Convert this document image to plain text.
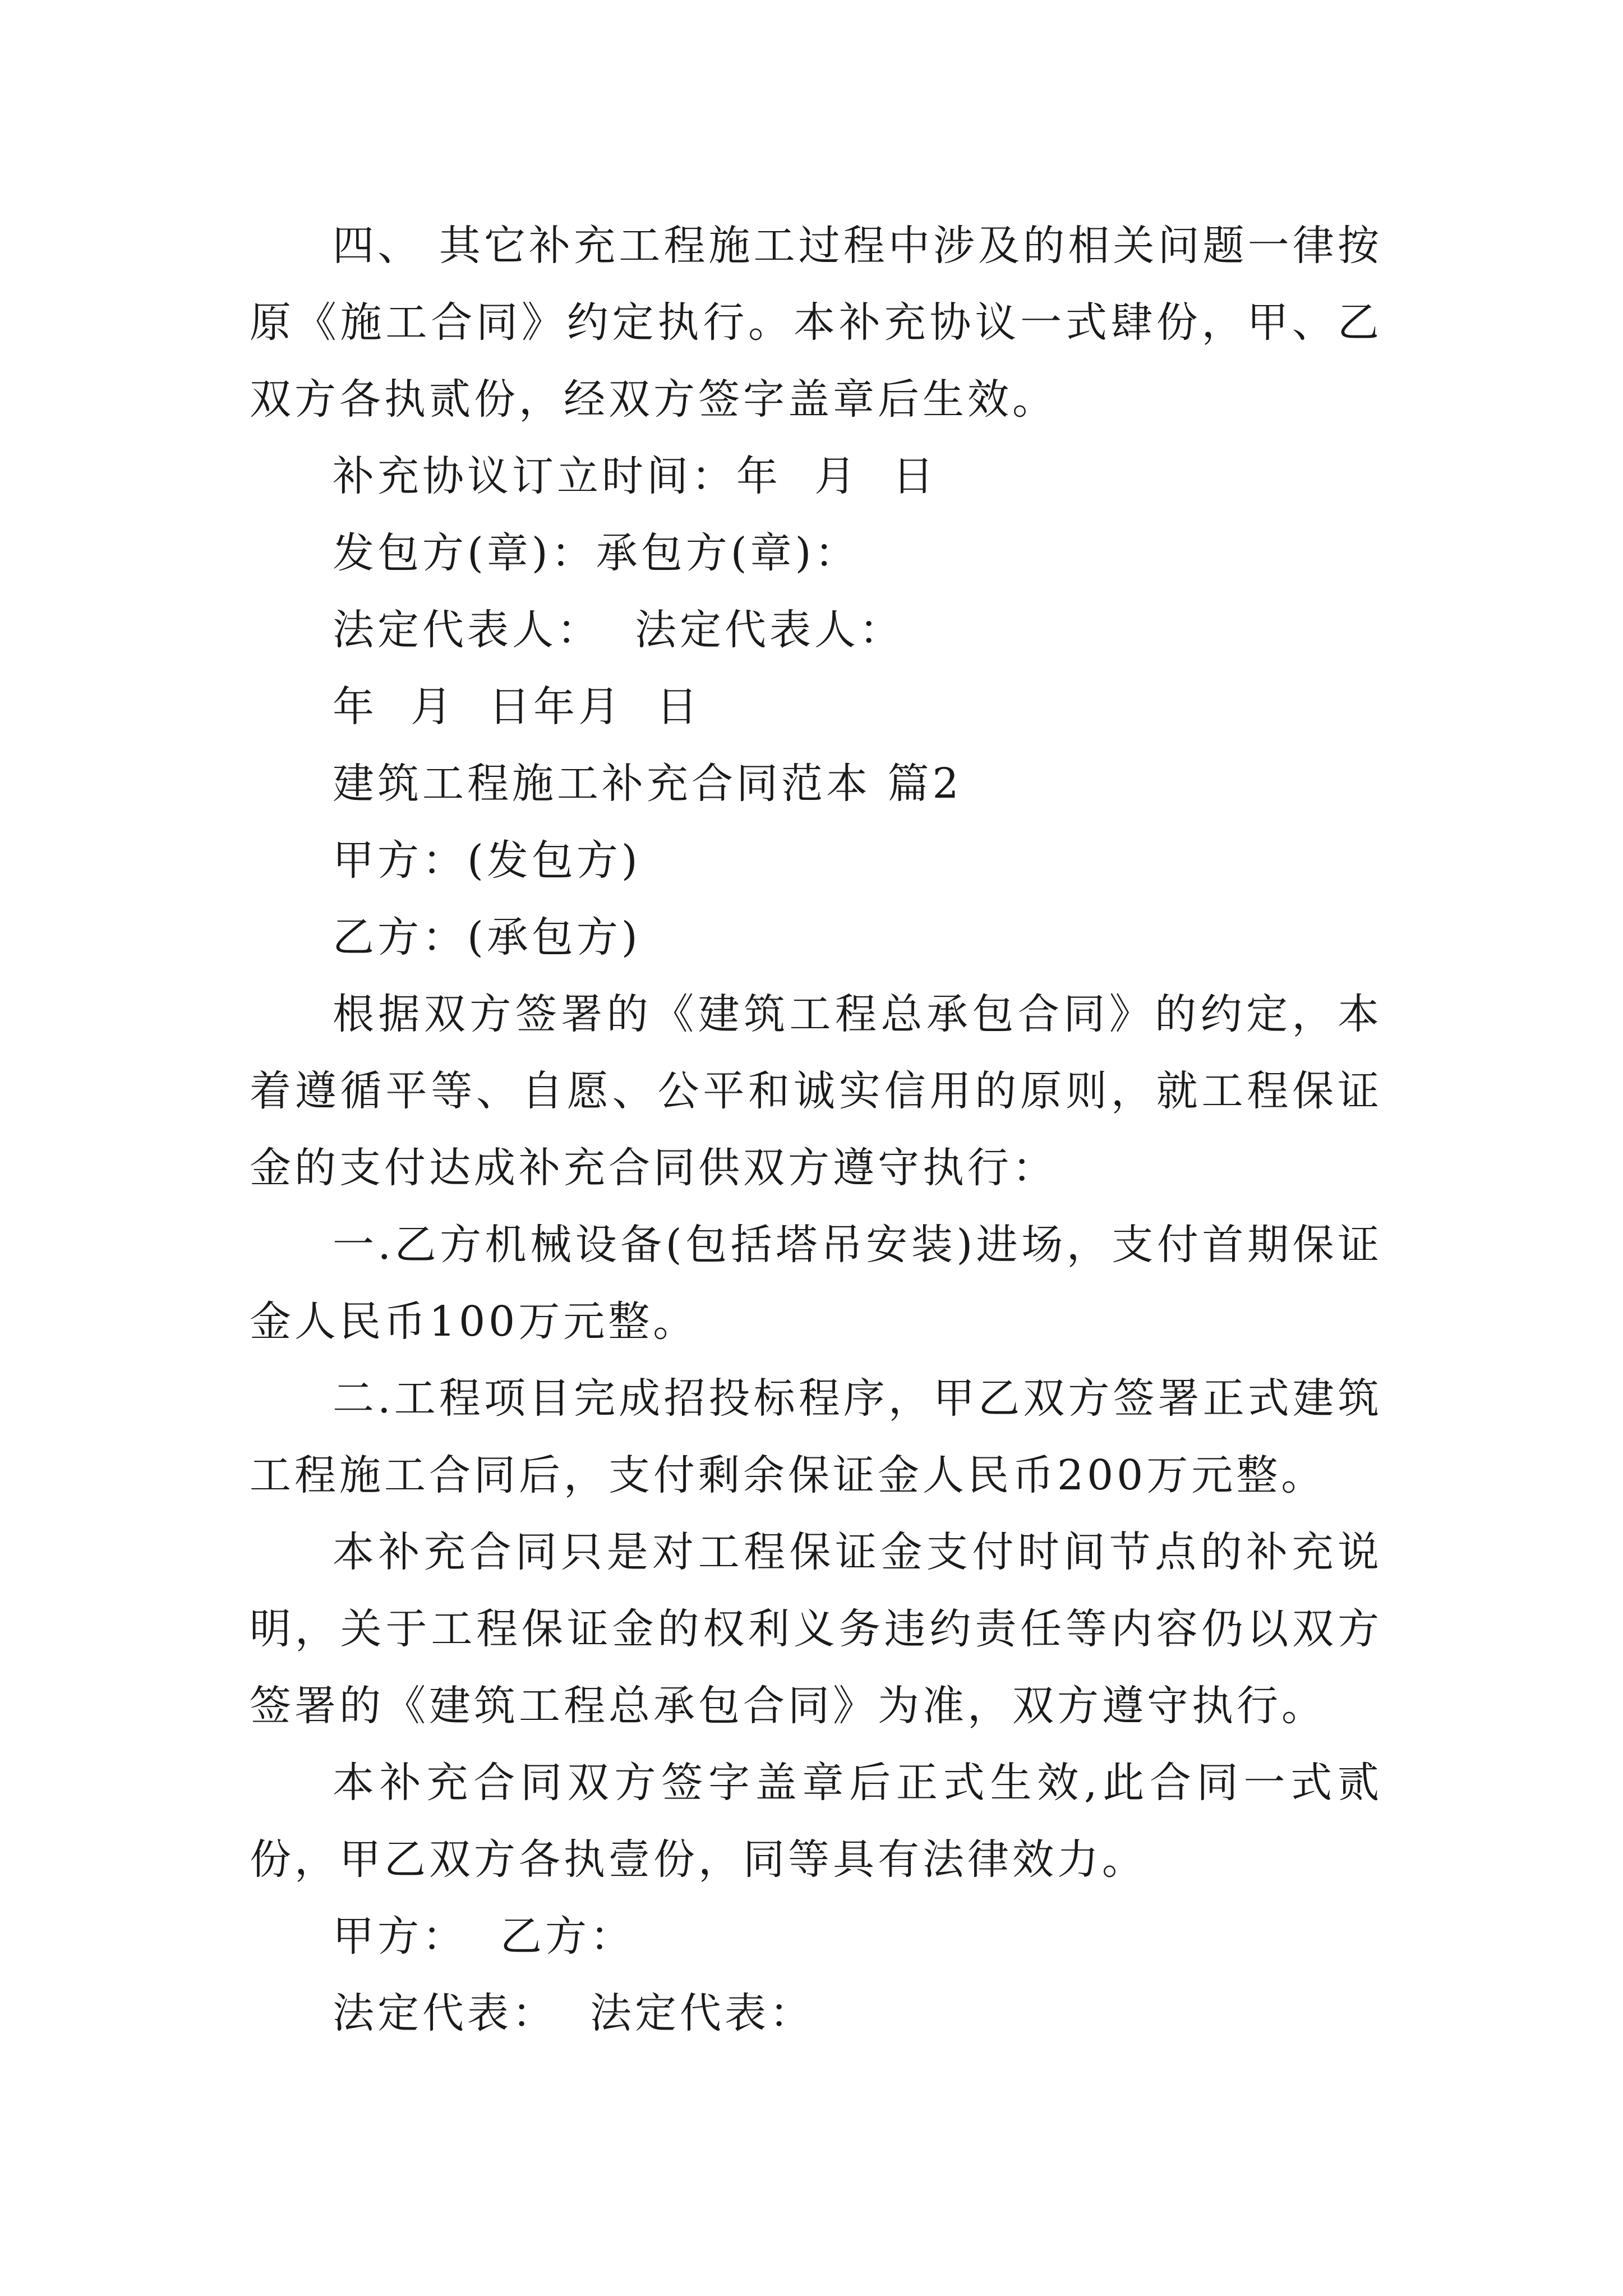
四、 其它补充工程施工过程中涉及的相关问题一律按原《施工合同》约定执行。本补充协议一式肆份，甲、乙双方各执贰份，经双方签字盖章后生效。

补充协议订立时间：年  月  日

发包方(章)：承包方(章)：

法定代表人：  法定代表人：

年  月  日年月  日

建筑工程施工补充合同范本 篇2

甲方：(发包方)

乙方：(承包方)

根据双方签署的《建筑工程总承包合同》的约定，本着遵循平等、自愿、公平和诚实信用的原则，就工程保证金的支付达成补充合同供双方遵守执行：

一.乙方机械设备(包括塔吊安装)进场，支付首期保证金人民币100万元整。

二.工程项目完成招投标程序，甲乙双方签署正式建筑工程施工合同后，支付剩余保证金人民币200万元整。

本补充合同只是对工程保证金支付时间节点的补充说明，关于工程保证金的权利义务违约责任等内容仍以双方签署的《建筑工程总承包合同》为准，双方遵守执行。

本补充合同双方签字盖章后正式生效,此合同一式贰份，甲乙双方各执壹份，同等具有法律效力。

甲方：  乙方：

法定代表：  法定代表：
